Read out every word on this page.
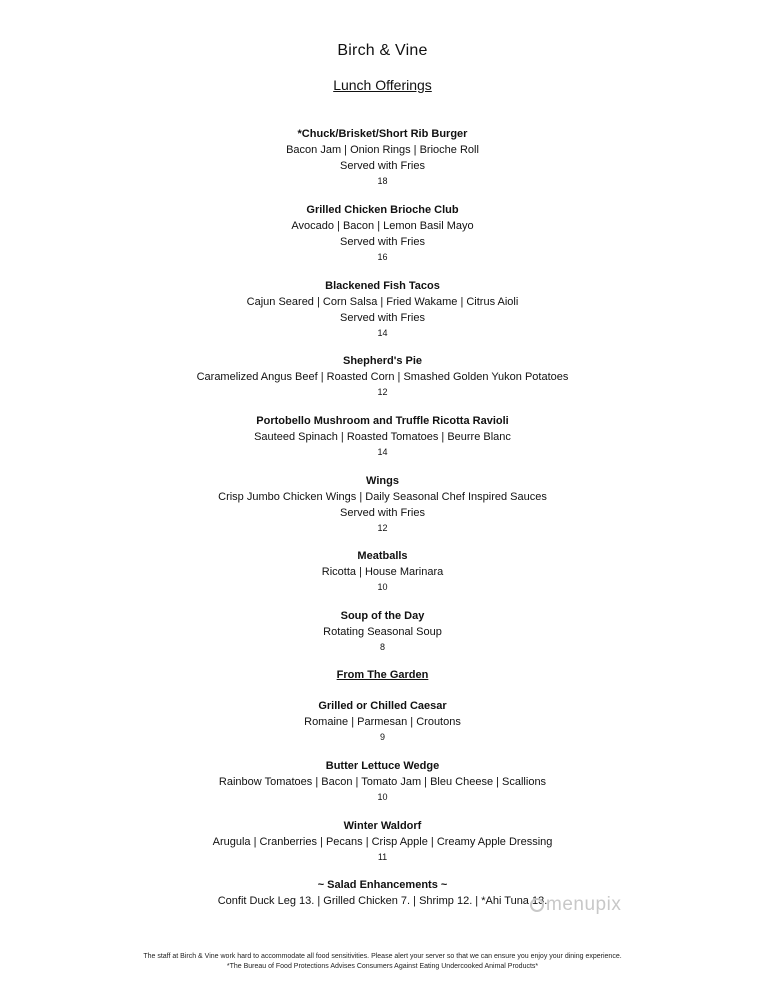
Birch & Vine
Lunch Offerings
*Chuck/Brisket/Short Rib Burger
Bacon Jam | Onion Rings | Brioche Roll
Served with Fries
18
Grilled Chicken Brioche Club
Avocado | Bacon | Lemon Basil Mayo
Served with Fries
16
Blackened Fish Tacos
Cajun Seared | Corn Salsa | Fried Wakame | Citrus Aioli
Served with Fries
14
Shepherd's Pie
Caramelized Angus Beef | Roasted Corn | Smashed Golden Yukon Potatoes
12
Portobello Mushroom and Truffle Ricotta Ravioli
Sauteed Spinach | Roasted Tomatoes | Beurre Blanc
14
Wings
Crisp Jumbo Chicken Wings | Daily Seasonal Chef Inspired Sauces
Served with Fries
12
Meatballs
Ricotta | House Marinara
10
Soup of the Day
Rotating Seasonal Soup
8
From The Garden
Grilled or Chilled Caesar
Romaine | Parmesan | Croutons
9
Butter Lettuce Wedge
Rainbow Tomatoes | Bacon | Tomato Jam | Bleu Cheese | Scallions
10
Winter Waldorf
Arugula | Cranberries | Pecans | Crisp Apple | Creamy Apple Dressing
11
~ Salad Enhancements ~
Confit Duck Leg 13. | Grilled Chicken 7. | Shrimp 12. | *Ahi Tuna 13.
menupix
The staff at Birch & Vine work hard to accommodate all food sensitivities. Please alert your server so that we can ensure you enjoy your dining experience.
*The Bureau of Food Protections Advises Consumers Against Eating Undercooked Animal Products*
